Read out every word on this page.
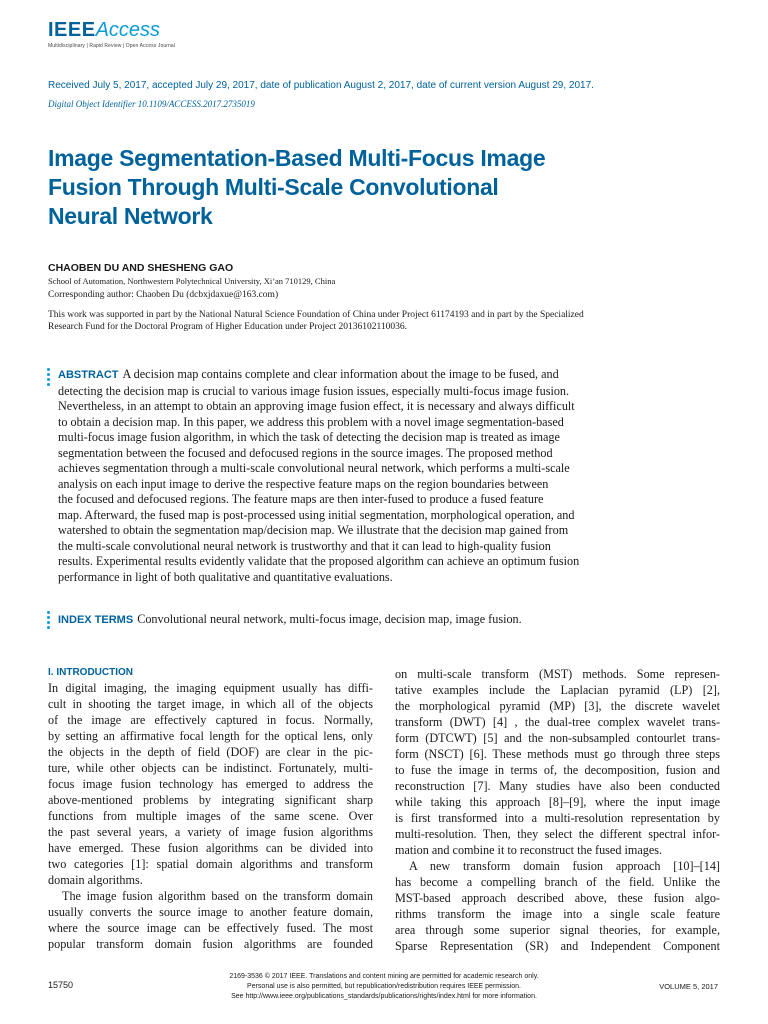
IEEEAccess
Multidisciplinary | Rapid Review | Open Access Journal
Received July 5, 2017, accepted July 29, 2017, date of publication August 2, 2017, date of current version August 29, 2017.
Digital Object Identifier 10.1109/ACCESS.2017.2735019
Image Segmentation-Based Multi-Focus Image
Fusion Through Multi-Scale Convolutional
Neural Network
CHAOBEN DU AND SHESHENG GAO
School of Automation, Northwestern Polytechnical University, Xi’an 710129, China
Corresponding author: Chaoben Du (dcbxjdaxue@163.com)
This work was supported in part by the National Natural Science Foundation of China under Project 61174193 and in part by the Specialized Research Fund for the Doctoral Program of Higher Education under Project 20136102110036.
ABSTRACT A decision map contains complete and clear information about the image to be fused, and
detecting the decision map is crucial to various image fusion issues, especially multi-focus image fusion.
Nevertheless, in an attempt to obtain an approving image fusion effect, it is necessary and always difficult
to obtain a decision map. In this paper, we address this problem with a novel image segmentation-based
multi-focus image fusion algorithm, in which the task of detecting the decision map is treated as image
segmentation between the focused and defocused regions in the source images. The proposed method
achieves segmentation through a multi-scale convolutional neural network, which performs a multi-scale
analysis on each input image to derive the respective feature maps on the region boundaries between
the focused and defocused regions. The feature maps are then inter-fused to produce a fused feature
map. Afterward, the fused map is post-processed using initial segmentation, morphological operation, and
watershed to obtain the segmentation map/decision map. We illustrate that the decision map gained from
the multi-scale convolutional neural network is trustworthy and that it can lead to high-quality fusion
results. Experimental results evidently validate that the proposed algorithm can achieve an optimum fusion
performance in light of both qualitative and quantitative evaluations.
INDEX TERMS Convolutional neural network, multi-focus image, decision map, image fusion.
I. INTRODUCTION
In digital imaging, the imaging equipment usually has diffi-
cult in shooting the target image, in which all of the objects
of the image are effectively captured in focus. Normally,
by setting an affirmative focal length for the optical lens, only
the objects in the depth of field (DOF) are clear in the pic-
ture, while other objects can be indistinct. Fortunately, multi-
focus image fusion technology has emerged to address the
above-mentioned problems by integrating significant sharp
functions from multiple images of the same scene. Over
the past several years, a variety of image fusion algorithms
have emerged. These fusion algorithms can be divided into
two categories [1]: spatial domain algorithms and transform
domain algorithms.
The image fusion algorithm based on the transform domain
usually converts the source image to another feature domain,
where the source image can be effectively fused. The most
popular transform domain fusion algorithms are founded
on multi-scale transform (MST) methods. Some represen-
tative examples include the Laplacian pyramid (LP) [2],
the morphological pyramid (MP) [3], the discrete wavelet
transform (DWT) [4] , the dual-tree complex wavelet trans-
form (DTCWT) [5] and the non-subsampled contourlet trans-
form (NSCT) [6]. These methods must go through three steps
to fuse the image in terms of, the decomposition, fusion and
reconstruction [7]. Many studies have also been conducted
while taking this approach [8]–[9], where the input image
is first transformed into a multi-resolution representation by
multi-resolution. Then, they select the different spectral infor-
mation and combine it to reconstruct the fused images.
A new transform domain fusion approach [10]–[14]
has become a compelling branch of the field. Unlike the
MST-based approach described above, these fusion algo-
rithms transform the image into a single scale feature
area through some superior signal theories, for example,
Sparse Representation (SR) and Independent Component
15750
2169-3536 © 2017 IEEE. Translations and content mining are permitted for academic research only.
Personal use is also permitted, but republication/redistribution requires IEEE permission.
See http://www.ieee.org/publications_standards/publications/rights/index.html for more information.
VOLUME 5, 2017
